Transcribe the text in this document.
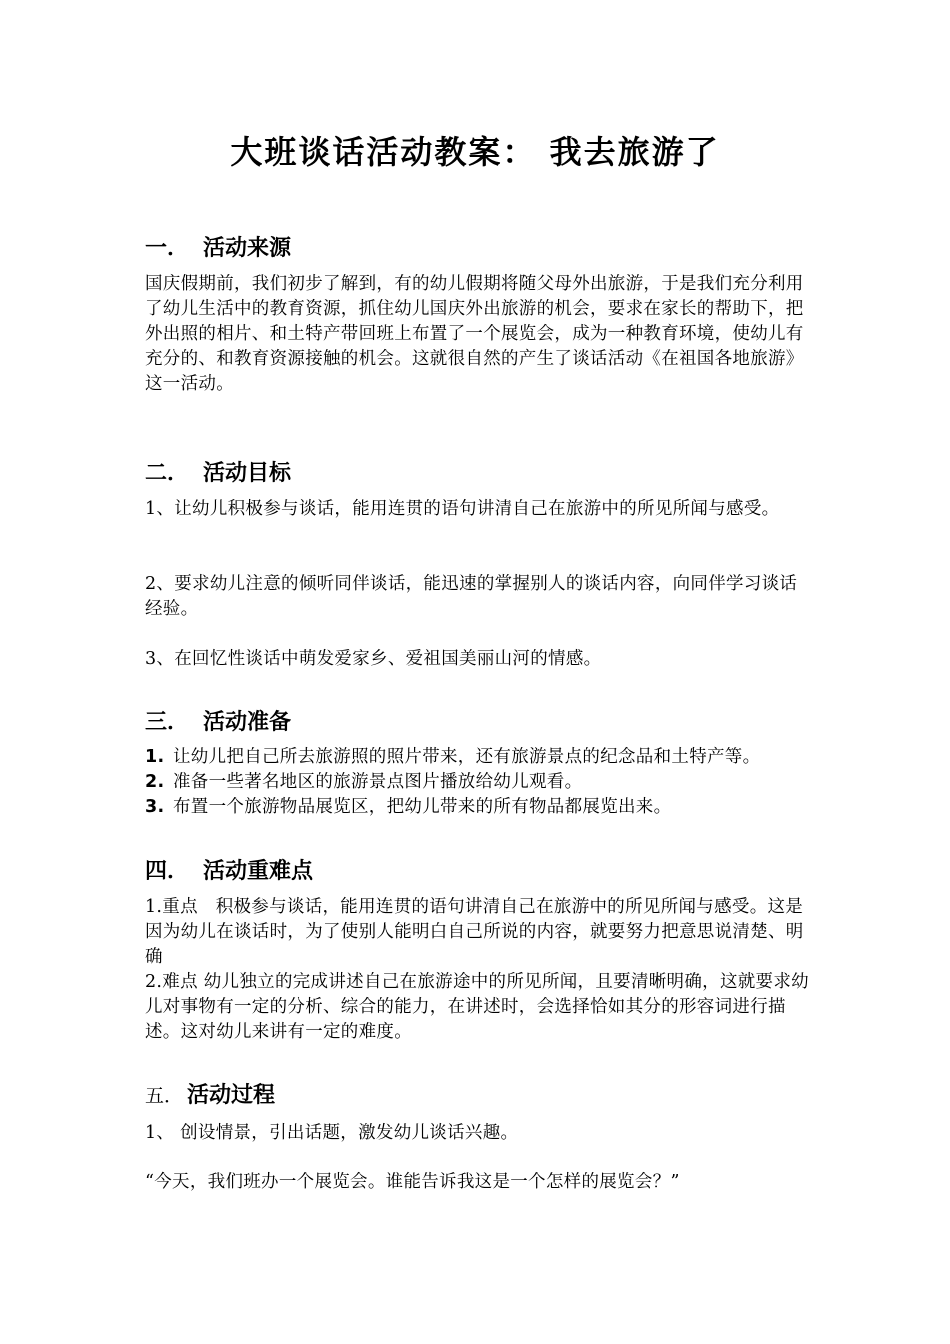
大班谈话活动教案： 我去旅游了
一． 活动来源

国庆假期前，我们初步了解到，有的幼儿假期将随父母外出旅游，于是我们充分利用了幼儿生活中的教育资源，抓住幼儿国庆外出旅游的机会，要求在家长的帮助下，把外出照的相片、和土特产带回班上布置了一个展览会，成为一种教育环境，使幼儿有充分的、和教育资源接触的机会。这就很自然的产生了谈话活动《在祖国各地旅游》这一活动。

二． 活动目标

1、让幼儿积极参与谈话，能用连贯的语句讲清自己在旅游中的所见所闻与感受。

2、要求幼儿注意的倾听同伴谈话，能迅速的掌握别人的谈话内容，向同伴学习谈话经验。

3、在回忆性谈话中萌发爱家乡、爱祖国美丽山河的情感。

三． 活动准备
1. 让幼儿把自己所去旅游照的照片带来，还有旅游景点的纪念品和土特产等。
2. 准备一些著名地区的旅游景点图片播放给幼儿观看。
3. 布置一个旅游物品展览区，把幼儿带来的所有物品都展览出来。
四． 活动重难点

1.重点　积极参与谈话，能用连贯的语句讲清自己在旅游中的所见所闻与感受。这是因为幼儿在谈话时，为了使别人能明白自己所说的内容，就要努力把意思说清楚、明确

2.难点 幼儿独立的完成讲述自己在旅游途中的所见所闻，且要清晰明确，这就要求幼儿对事物有一定的分析、综合的能力，在讲述时，会选择恰如其分的形容词进行描述。这对幼儿来讲有一定的难度。

五． 活动过程

1、 创设情景，引出话题，激发幼儿谈话兴趣。

“今天，我们班办一个展览会。谁能告诉我这是一个怎样的展览会？”
